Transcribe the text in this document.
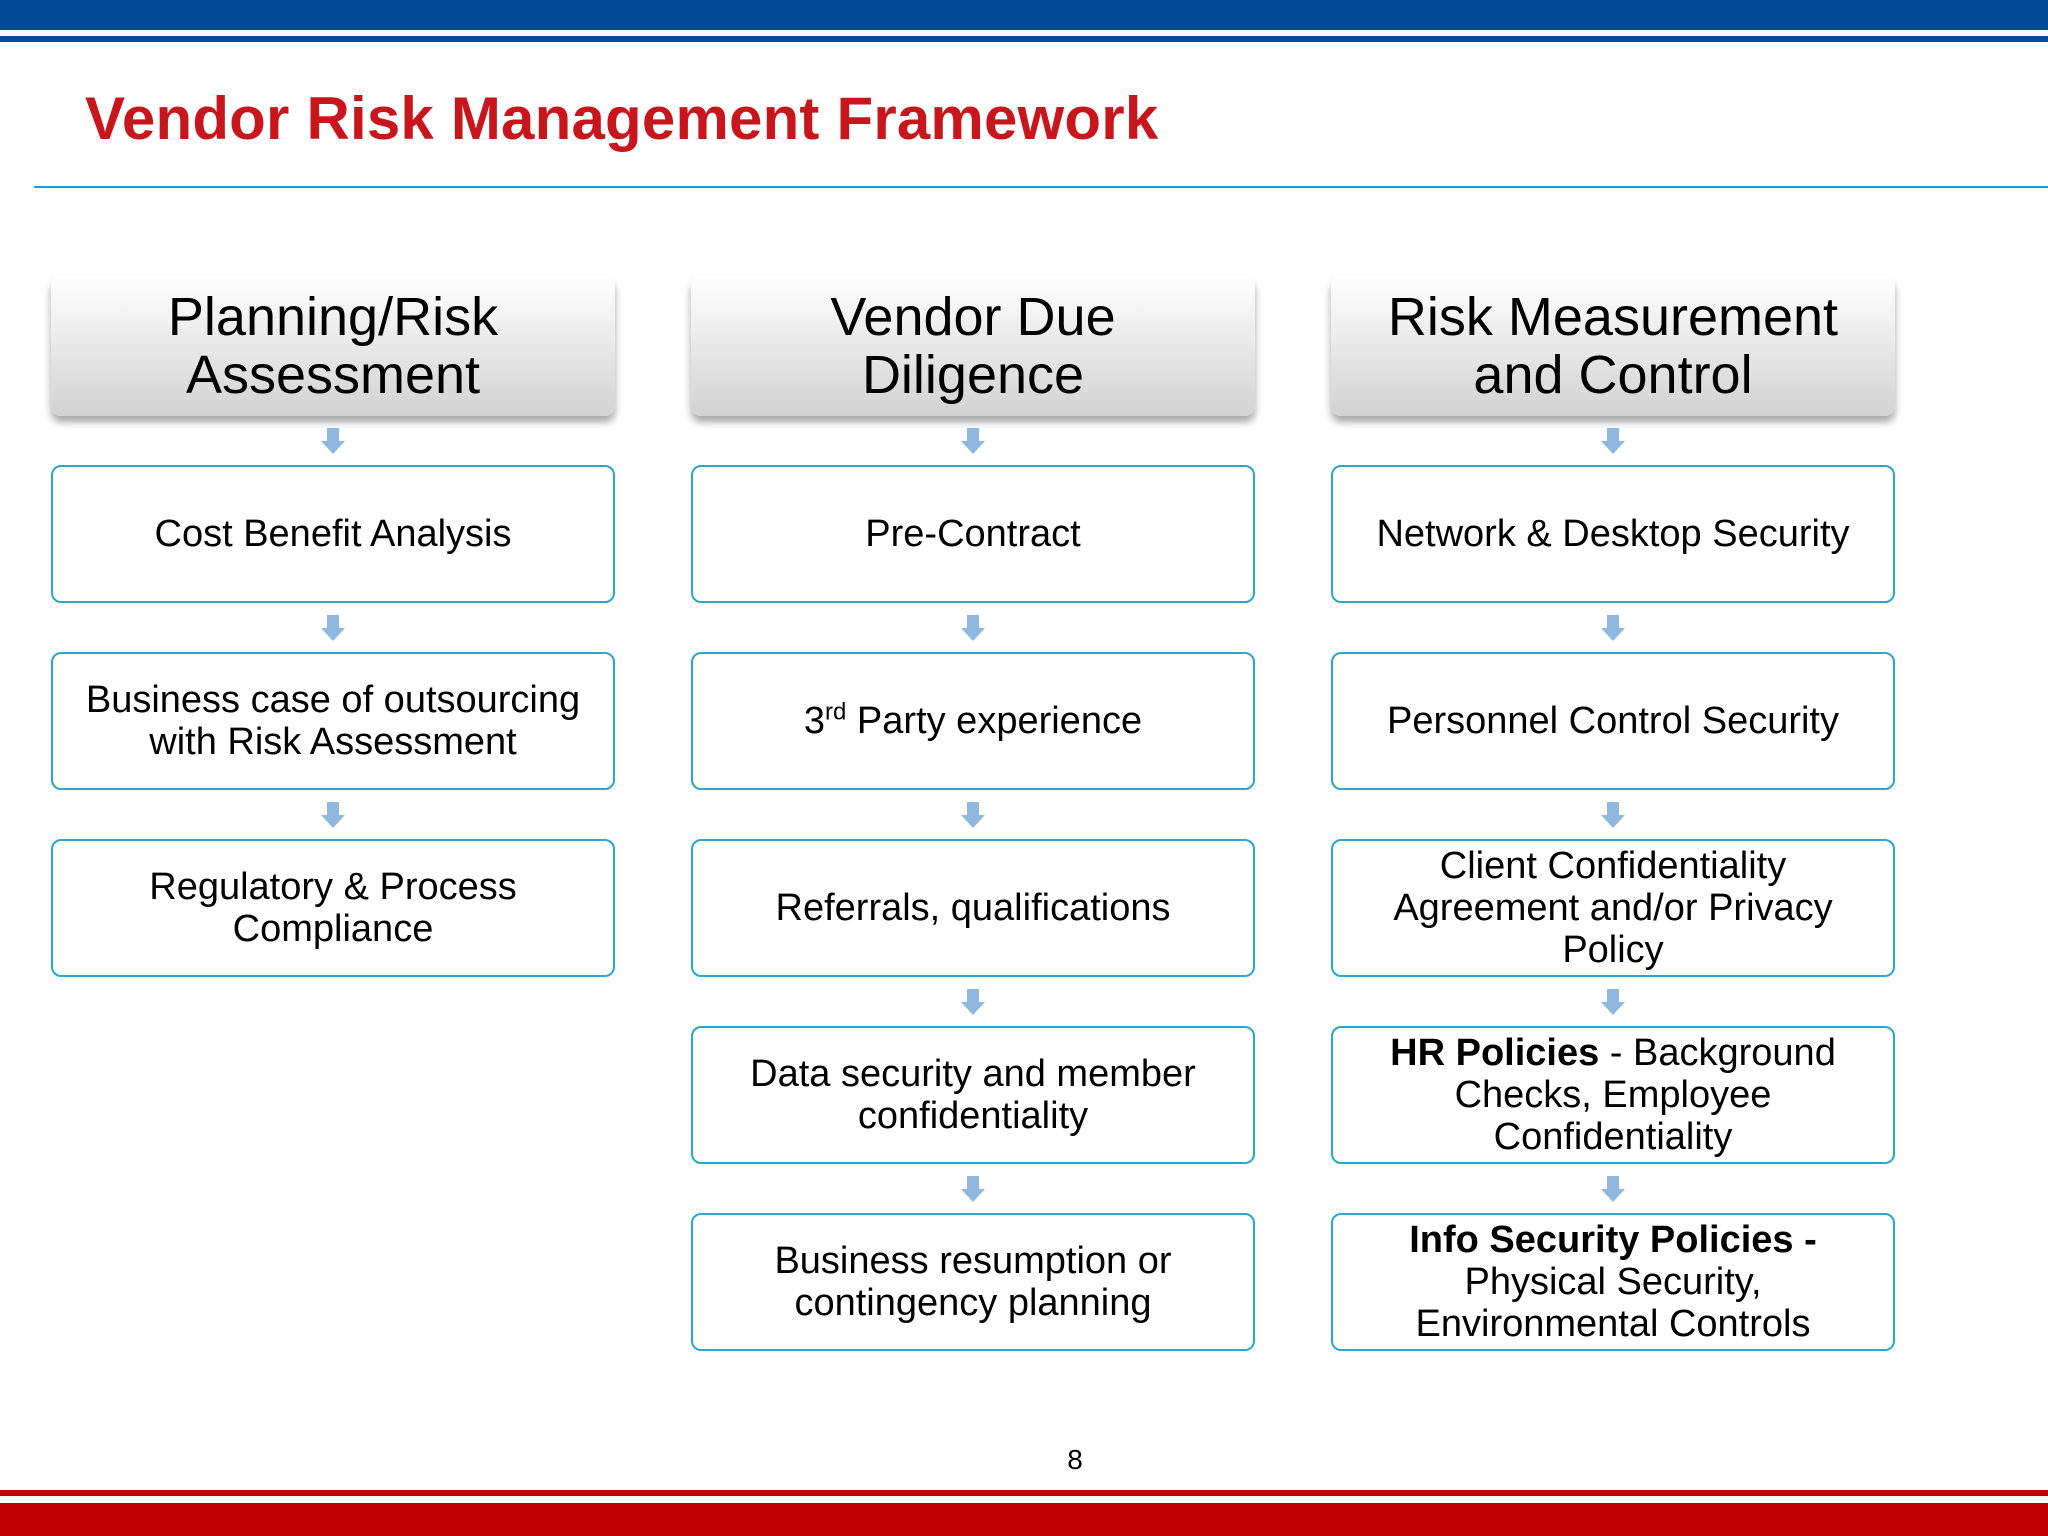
Vendor Risk Management Framework
Planning/Risk
Assessment
Cost Benefit Analysis
Business case of outsourcing with Risk Assessment
Regulatory & Process Compliance
Vendor Due
Diligence
Pre-Contract
3rd Party experience
Referrals, qualifications
Data security and member confidentiality
Business resumption or contingency planning
Risk Measurement
and Control
Network & Desktop Security
Personnel Control Security
Client Confidentiality Agreement and/or Privacy Policy
HR Policies - Background Checks, Employee Confidentiality
Info Security Policies - Physical Security, Environmental Controls
8
